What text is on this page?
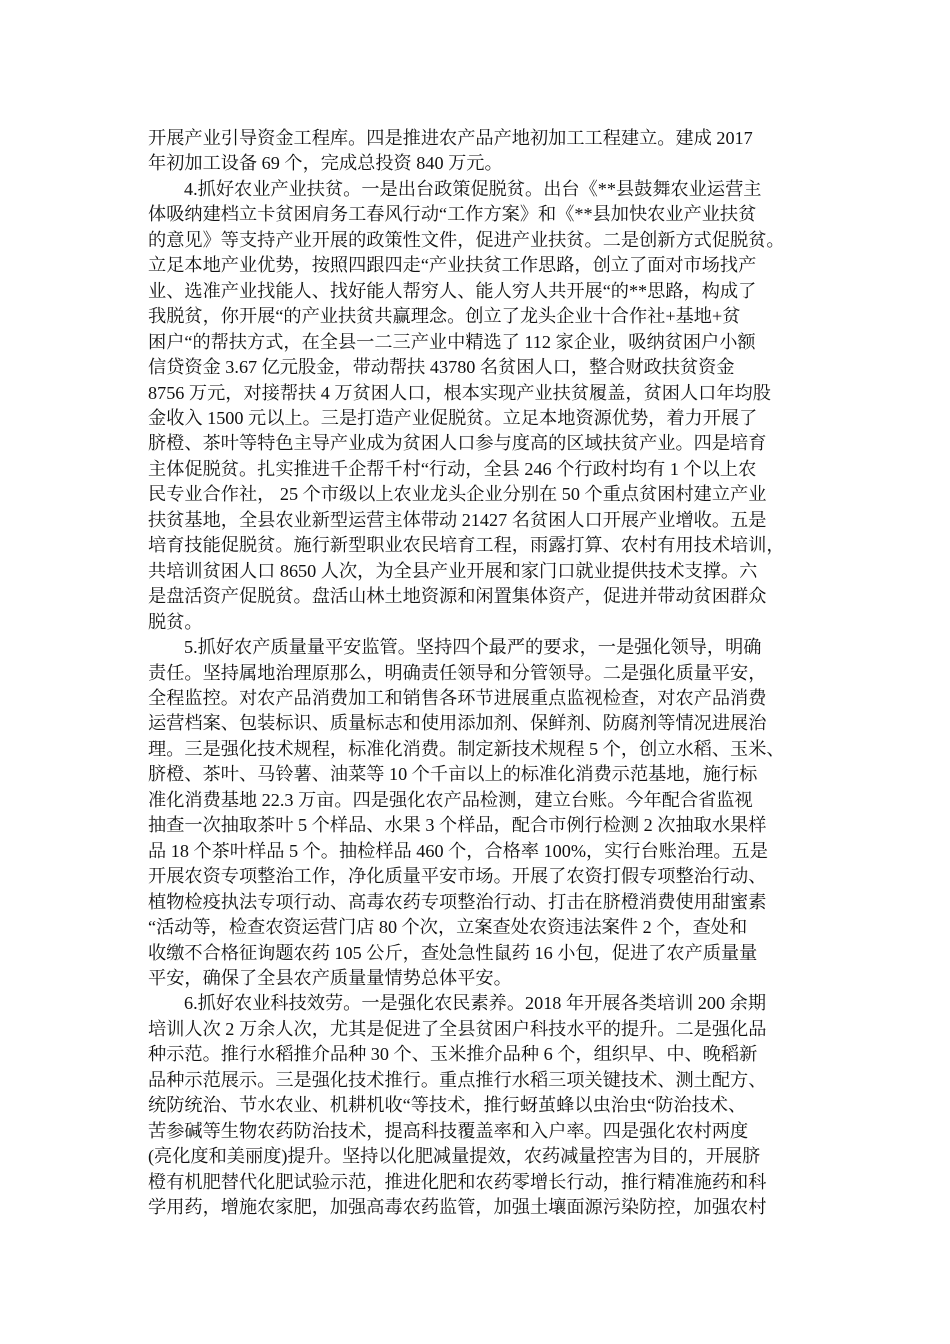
开展产业引导资金工程库。四是推进农产品产地初加工工程建立。建成 2017
年初加工设备 69 个，完成总投资 840 万元。
4.抓好农业产业扶贫。一是出台政策促脱贫。出台《**县鼓舞农业运营主
体吸纳建档立卡贫困肩务工春风行动“工作方案》和《**县加快农业产业扶贫
的意见》等支持产业开展的政策性文件，促进产业扶贫。二是创新方式促脱贫。
立足本地产业优势，按照四跟四走“产业扶贫工作思路，创立了面对市场找产
业、选准产业找能人、找好能人帮穷人、能人穷人共开展“的**思路，构成了
我脱贫，你开展“的产业扶贫共赢理念。创立了龙头企业十合作社+基地+贫
困户“的帮扶方式，在全县一二三产业中精选了 112 家企业，吸纳贫困户小额
信贷资金 3.67 亿元股金，带动帮扶 43780 名贫困人口，整合财政扶贫资金
8756 万元，对接帮扶 4 万贫困人口，根本实现产业扶贫履盖，贫困人口年均股
金收入 1500 元以上。三是打造产业促脱贫。立足本地资源优势，着力开展了
脐橙、茶叶等特色主导产业成为贫困人口参与度高的区域扶贫产业。四是培育
主体促脱贫。扎实推进千企帮千村“行动，全县 246 个行政村均有 1 个以上农
民专业合作社， 25 个市级以上农业龙头企业分别在 50 个重点贫困村建立产业
扶贫基地，全县农业新型运营主体带动 21427 名贫困人口开展产业增收。五是
培育技能促脱贫。施行新型职业农民培育工程，雨露打算、农村有用技术培训，
共培训贫困人口 8650 人次，为全县产业开展和家门口就业提供技术支撑。六
是盘活资产促脱贫。盘活山林土地资源和闲置集体资产，促进并带动贫困群众
脱贫。
5.抓好农产质量量平安监管。坚持四个最严的要求，一是强化领导，明确
责任。坚持属地治理原那么，明确责任领导和分管领导。二是强化质量平安，
全程监控。对农产品消费加工和销售各环节进展重点监视检查，对农产品消费
运营档案、包装标识、质量标志和使用添加剂、保鲜剂、防腐剂等情况进展治
理。三是强化技术规程，标准化消费。制定新技术规程 5 个，创立水稻、玉米、
脐橙、茶叶、马铃薯、油菜等 10 个千亩以上的标准化消费示范基地，施行标
准化消费基地 22.3 万亩。四是强化农产品检测，建立台账。今年配合省监视
抽查一次抽取茶叶 5 个样品、水果 3 个样品，配合市例行检测 2 次抽取水果样
品 18 个茶叶样品 5 个。抽检样品 460 个，合格率 100%，实行台账治理。五是
开展农资专项整治工作，净化质量平安市场。开展了农资打假专项整治行动、
植物检疫执法专项行动、高毒农药专项整治行动、打击在脐橙消费使用甜蜜素
“活动等，检查农资运营门店 80 个次，立案查处农资违法案件 2 个，查处和
收缴不合格征询题农药 105 公斤，查处急性鼠药 16 小包，促进了农产质量量
平安，确保了全县农产质量量情势总体平安。
6.抓好农业科技效劳。一是强化农民素养。2018 年开展各类培训 200 余期
培训人次 2 万余人次，尤其是促进了全县贫困户科技水平的提升。二是强化品
种示范。推行水稻推介品种 30 个、玉米推介品种 6 个，组织早、中、晚稻新
品种示范展示。三是强化技术推行。重点推行水稻三项关键技术、测土配方、
统防统治、节水农业、机耕机收“等技术，推行蚜茧蜂以虫治虫“防治技术、
苦参碱等生物农药防治技术，提高科技覆盖率和入户率。四是强化农村两度
(亮化度和美丽度)提升。坚持以化肥减量提效，农药减量控害为目的，开展脐
橙有机肥替代化肥试验示范，推进化肥和农药零增长行动，推行精准施药和科
学用药，增施农家肥，加强高毒农药监管，加强土壤面源污染防控，加强农村
